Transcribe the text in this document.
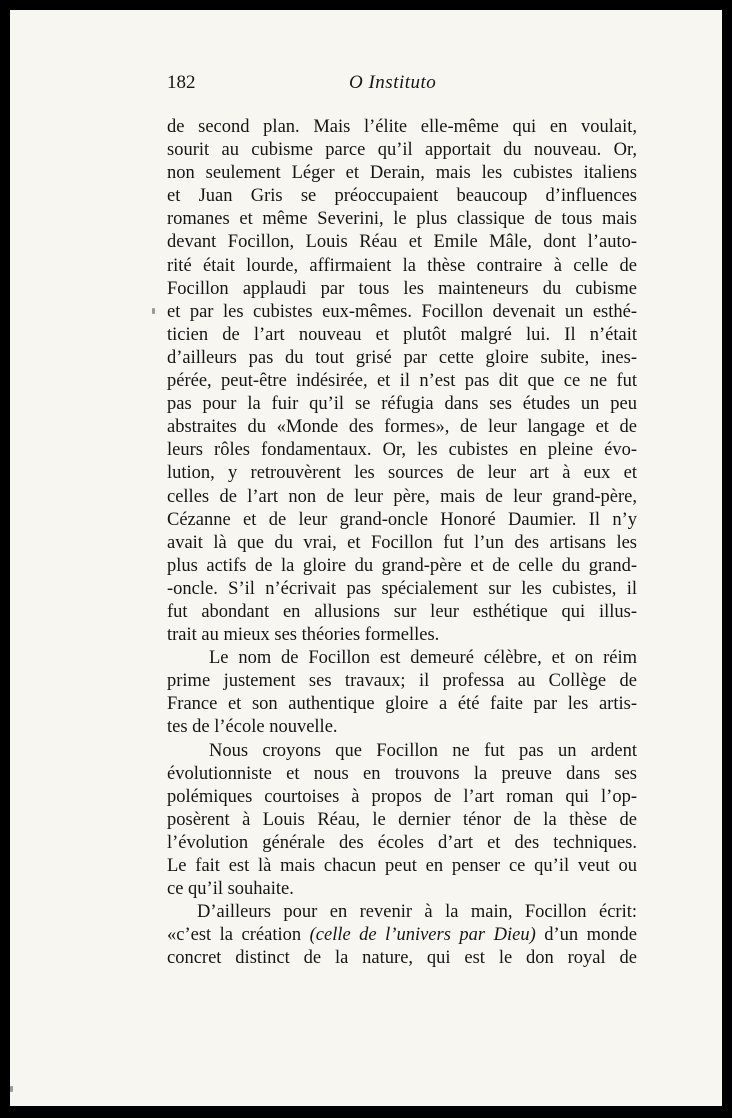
182	O Instituto
de second plan. Mais l’élite elle-même qui en voulait,
sourit au cubisme parce qu’il apportait du nouveau. Or,
non seulement Léger et Derain, mais les cubistes italiens
et Juan Gris se préoccupaient beaucoup d’influences
romanes et même Severini, le plus classique de tous mais
devant Focillon, Louis Réau et Emile Mâle, dont l’auto-
rité était lourde, affirmaient la thèse contraire à celle de
Focillon applaudi par tous les mainteneurs du cubisme
et par les cubistes eux-mêmes. Focillon devenait un esthé-
ticien de l’art nouveau et plutôt malgré lui. Il n’était
d’ailleurs pas du tout grisé par cette gloire subite, ines-
pérée, peut-être indésirée, et il n’est pas dit que ce ne fut
pas pour la fuir qu’il se réfugia dans ses études un peu
abstraites du «Monde des formes», de leur langage et de
leurs rôles fondamentaux. Or, les cubistes en pleine évo-
lution, y retrouvèrent les sources de leur art à eux et
celles de l’art non de leur père, mais de leur grand-père,
Cézanne et de leur grand-oncle Honoré Daumier. Il n’y
avait là que du vrai, et Focillon fut l’un des artisans les
plus actifs de la gloire du grand-père et de celle du grand-
-oncle. S’il n’écrivait pas spécialement sur les cubistes, il
fut abondant en allusions sur leur esthétique qui illus-
trait au mieux ses théories formelles.
Le nom de Focillon est demeuré célèbre, et on réim
prime justement ses travaux; il professa au Collège de
France et son authentique gloire a été faite par les artis-
tes de l’école nouvelle.
Nous croyons que Focillon ne fut pas un ardent
évolutionniste et nous en trouvons la preuve dans ses
polémiques courtoises à propos de l’art roman qui l’op-
posèrent à Louis Réau, le dernier ténor de la thèse de
l’évolution générale des écoles d’art et des techniques.
Le fait est là mais chacun peut en penser ce qu’il veut ou
ce qu’il souhaite.
D’ailleurs pour en revenir à la main, Focillon écrit:
«c’est la création (celle de l’univers par Dieu) d’un monde
concret distinct de la nature, qui est le don royal de
